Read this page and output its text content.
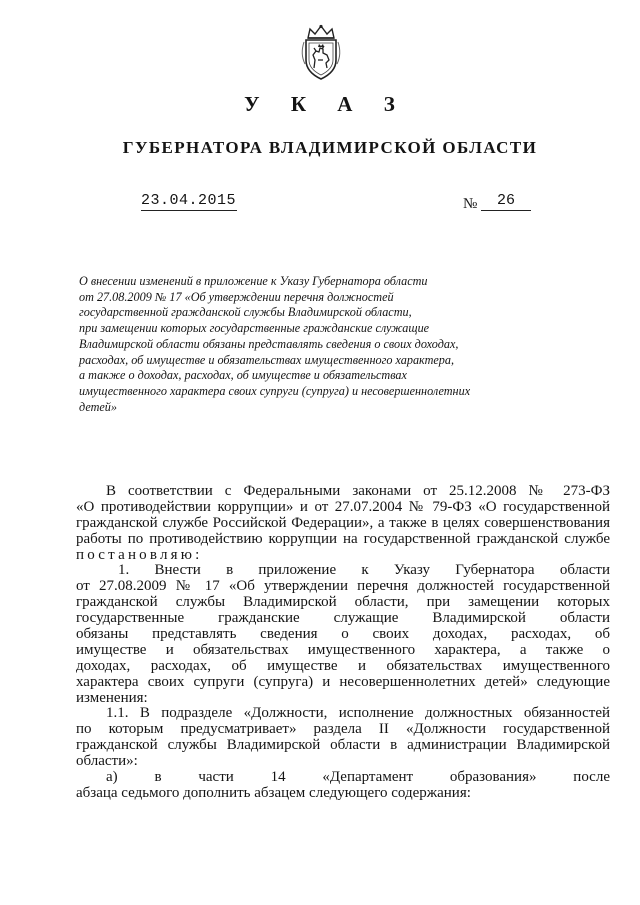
У К А З
ГУБЕРНАТОРА ВЛАДИМИРСКОЙ ОБЛАСТИ
23.04.2015	№	26
О внесении изменений в приложение к Указу Губернатора области
от 27.08.2009 № 17 «Об утверждении перечня должностей
государственной гражданской службы Владимирской области,
при замещении которых государственные гражданские служащие
Владимирской области обязаны представлять сведения о своих доходах,
расходах, об имуществе и обязательствах имущественного характера,
а также о доходах, расходах, об имуществе и обязательствах
имущественного характера своих супруги (супруга) и несовершеннолетних
детей»
В соответствии с Федеральными законами от 25.12.2008 № 273-ФЗ
«О противодействии коррупции» и от 27.07.2004 № 79-ФЗ «О государственной
гражданской службе Российской Федерации», а также в целях совершенствования
работы по противодействию коррупции на государственной гражданской службе
постановляю:
1. Внести в приложение к Указу Губернатора области
от 27.08.2009 № 17 «Об утверждении перечня должностей государственной
гражданской службы Владимирской области, при замещении которых
государственные гражданские служащие Владимирской области
обязаны представлять сведения о своих доходах, расходах, об
имуществе и обязательствах имущественного характера, а также о
доходах, расходах, об имуществе и обязательствах имущественного
характера своих супруги (супруга) и несовершеннолетних детей» следующие
изменения:
1.1. В подразделе «Должности, исполнение должностных обязанностей
по которым предусматривает» раздела II «Должности государственной
гражданской службы Владимирской области в администрации Владимирской
области»:
а) в части 14 «Департамент образования» после
абзаца седьмого дополнить абзацем следующего содержания:
